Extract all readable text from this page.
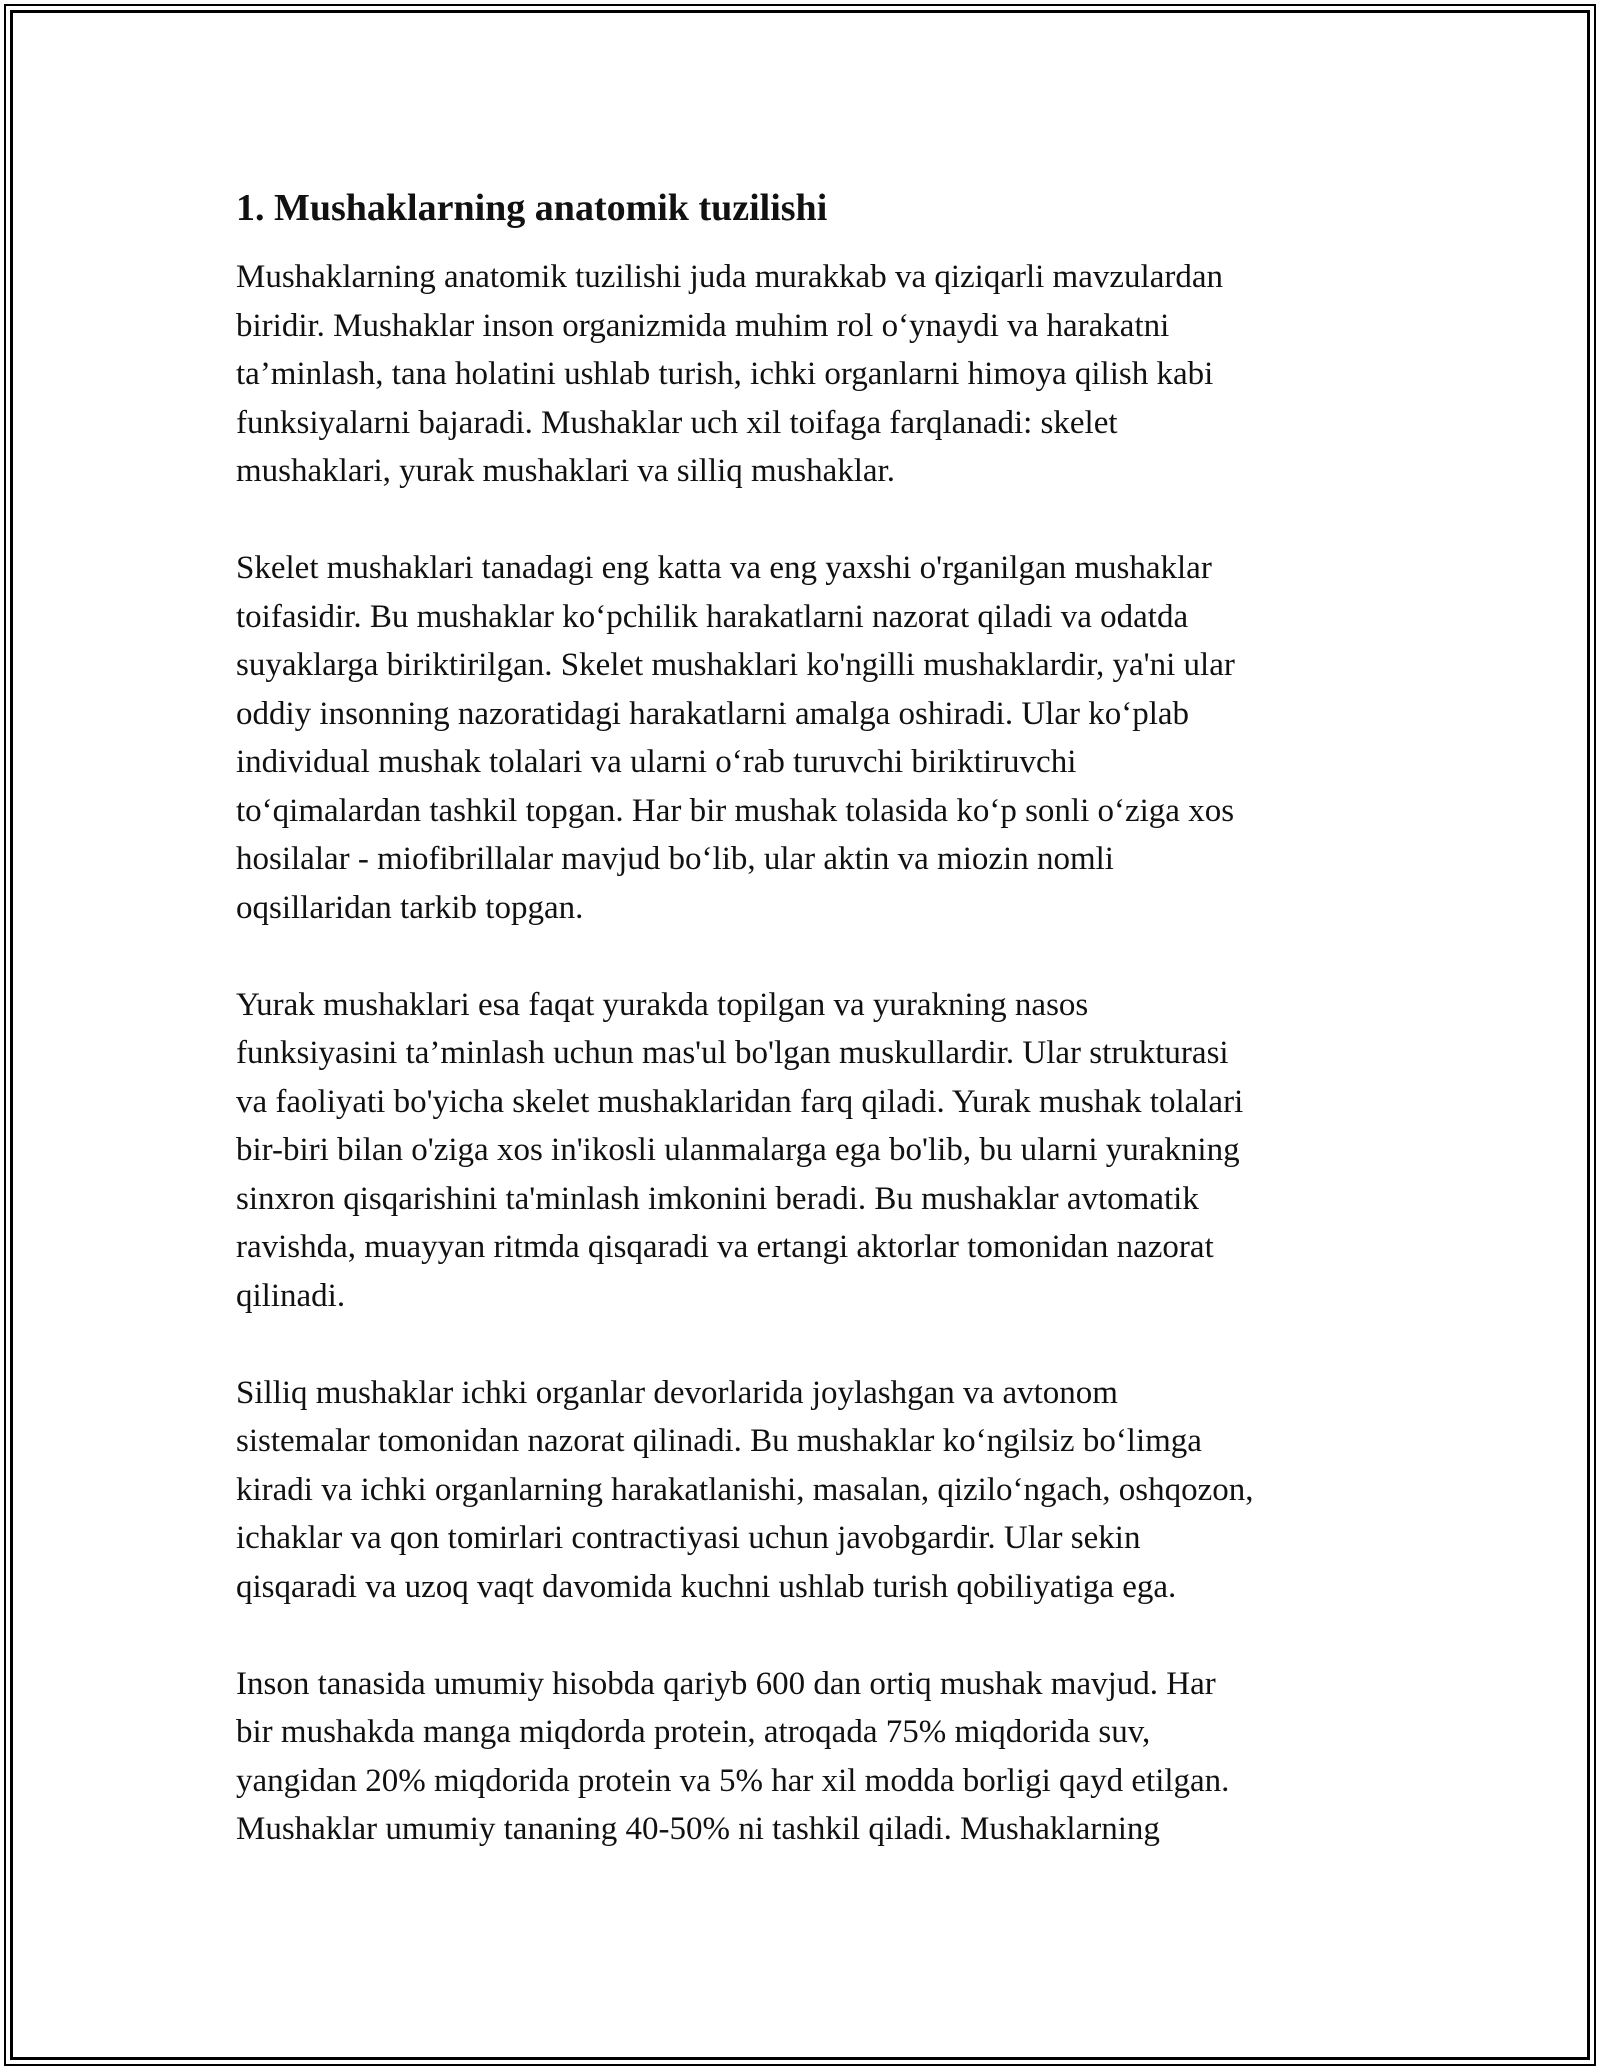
1. Mushaklarning anatomik tuzilishi

Mushaklarning anatomik tuzilishi juda murakkab va qiziqarli mavzulardan
biridir. Mushaklar inson organizmida muhim rol o‘ynaydi va harakatni
ta’minlash, tana holatini ushlab turish, ichki organlarni himoya qilish kabi
funksiyalarni bajaradi. Mushaklar uch xil toifaga farqlanadi: skelet
mushaklari, yurak mushaklari va silliq mushaklar.

Skelet mushaklari tanadagi eng katta va eng yaxshi o'rganilgan mushaklar
toifasidir. Bu mushaklar ko‘pchilik harakatlarni nazorat qiladi va odatda
suyaklarga biriktirilgan. Skelet mushaklari ko'ngilli mushaklardir, ya'ni ular
oddiy insonning nazoratidagi harakatlarni amalga oshiradi. Ular ko‘plab
individual mushak tolalari va ularni o‘rab turuvchi biriktiruvchi
to‘qimalardan tashkil topgan. Har bir mushak tolasida ko‘p sonli o‘ziga xos
hosilalar - miofibrillalar mavjud bo‘lib, ular aktin va miozin nomli
oqsillaridan tarkib topgan.

Yurak mushaklari esa faqat yurakda topilgan va yurakning nasos
funksiyasini ta’minlash uchun mas'ul bo'lgan muskullardir. Ular strukturasi
va faoliyati bo'yicha skelet mushaklaridan farq qiladi. Yurak mushak tolalari
bir-biri bilan o'ziga xos in'ikosli ulanmalarga ega bo'lib, bu ularni yurakning
sinxron qisqarishini ta'minlash imkonini beradi. Bu mushaklar avtomatik
ravishda, muayyan ritmda qisqaradi va ertangi aktorlar tomonidan nazorat
qilinadi.

Silliq mushaklar ichki organlar devorlarida joylashgan va avtonom
sistemalar tomonidan nazorat qilinadi. Bu mushaklar ko‘ngilsiz bo‘limga
kiradi va ichki organlarning harakatlanishi, masalan, qizilo‘ngach, oshqozon,
ichaklar va qon tomirlari contractiyasi uchun javobgardir. Ular sekin
qisqaradi va uzoq vaqt davomida kuchni ushlab turish qobiliyatiga ega.

Inson tanasida umumiy hisobda qariyb 600 dan ortiq mushak mavjud. Har
bir mushakda manga miqdorda protein, atroqada 75% miqdorida suv,
yangidan 20% miqdorida protein va 5% har xil modda borligi qayd etilgan.
Mushaklar umumiy tananing 40-50% ni tashkil qiladi. Mushaklarning
